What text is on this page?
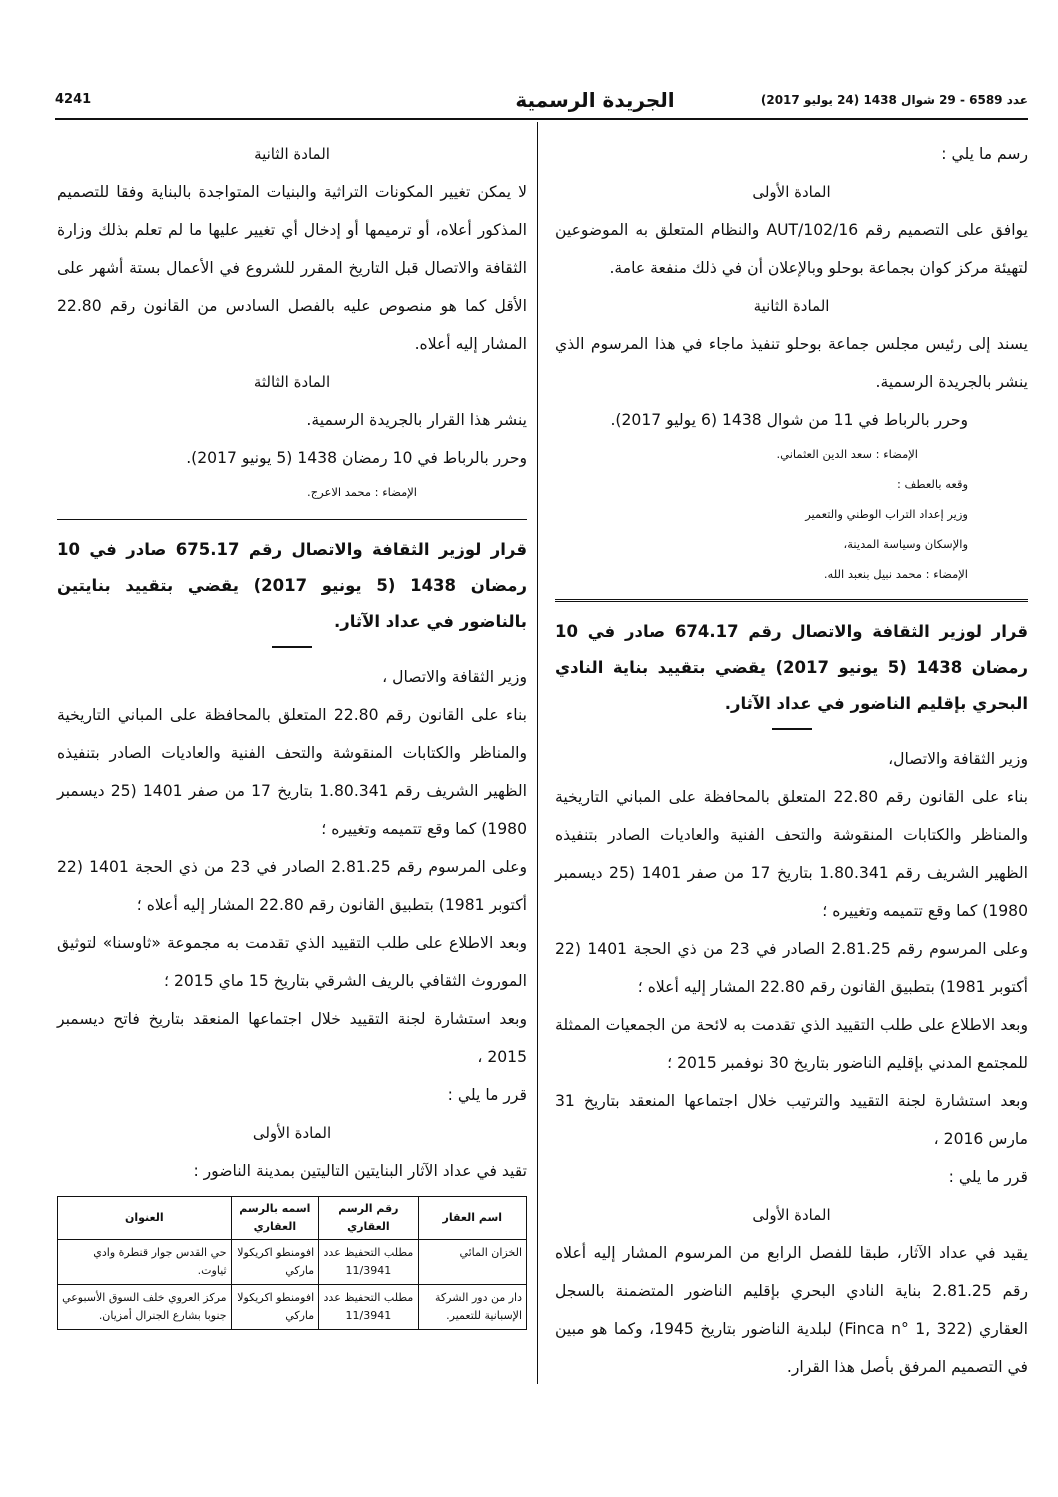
4241	الجريدة الرسمية	عدد 6589 - 29 شوال 1438 (24 يوليو 2017)

رسم ما يلي :

المادة الأولى

يوافق على التصميم رقم AUT/102/16 والنظام المتعلق به الموضوعين لتهيئة مركز كوان بجماعة بوحلو وبالإعلان أن في ذلك منفعة عامة.

المادة الثانية

يسند إلى رئيس مجلس جماعة بوحلو تنفيذ ماجاء في هذا المرسوم الذي ينشر بالجريدة الرسمية.

وحرر بالرباط في 11 من شوال 1438 (6 يوليو 2017).

الإمضاء : سعد الدين العثماني.

وقعه بالعطف :

وزير إعداد التراب الوطني والتعمير

والإسكان وسياسة المدينة،

الإمضاء : محمد نبيل بنعبد الله.

قرار لوزير الثقافة والاتصال رقم 674.17 صادر في 10 رمضان 1438 (5 يونيو 2017) يقضي بتقييد بناية النادي البحري بإقليم الناضور في عداد الآثار.

وزير الثقافة والاتصال،

بناء على القانون رقم 22.80 المتعلق بالمحافظة على المباني التاريخية والمناظر والكتابات المنقوشة والتحف الفنية والعاديات الصادر بتنفيذه الظهير الشريف رقم 1.80.341 بتاريخ 17 من صفر 1401 (25 ديسمبر 1980) كما وقع تتميمه وتغييره ؛

وعلى المرسوم رقم 2.81.25 الصادر في 23 من ذي الحجة 1401 (22 أكتوبر 1981) بتطبيق القانون رقم 22.80 المشار إليه أعلاه ؛

وبعد الاطلاع على طلب التقييد الذي تقدمت به لائحة من الجمعيات الممثلة للمجتمع المدني بإقليم الناضور بتاريخ 30 نوفمبر 2015 ؛

وبعد استشارة لجنة التقييد والترتيب خلال اجتماعها المنعقد بتاريخ 31 مارس 2016 ،

قرر ما يلي :

المادة الأولى

يقيد في عداد الآثار، طبقا للفصل الرابع من المرسوم المشار إليه أعلاه رقم 2.81.25 بناية النادي البحري بإقليم الناضور المتضمنة بالسجل العقاري (Finca n° 1, 322) لبلدية الناضور بتاريخ 1945، وكما هو مبين في التصميم المرفق بأصل هذا القرار.

المادة الثانية

لا يمكن تغيير المكونات التراثية والبنيات المتواجدة بالبناية وفقا للتصميم المذكور أعلاه، أو ترميمها أو إدخال أي تغيير عليها ما لم تعلم بذلك وزارة الثقافة والاتصال قبل التاريخ المقرر للشروع في الأعمال بستة أشهر على الأقل كما هو منصوص عليه بالفصل السادس من القانون رقم 22.80 المشار إليه أعلاه.

المادة الثالثة

ينشر هذا القرار بالجريدة الرسمية.

وحرر بالرباط في 10 رمضان 1438 (5 يونيو 2017).

الإمضاء : محمد الاعرج.

قرار لوزير الثقافة والاتصال رقم 675.17 صادر في 10 رمضان 1438 (5 يونيو 2017) يقضي بتقييد بنايتين بالناضور في عداد الآثار.

وزير الثقافة والاتصال ،

بناء على القانون رقم 22.80 المتعلق بالمحافظة على المباني التاريخية والمناظر والكتابات المنقوشة والتحف الفنية والعاديات الصادر بتنفيذه الظهير الشريف رقم 1.80.341 بتاريخ 17 من صفر 1401 (25 ديسمبر 1980) كما وقع تتميمه وتغييره ؛

وعلى المرسوم رقم 2.81.25 الصادر في 23 من ذي الحجة 1401 (22 أكتوبر 1981) بتطبيق القانون رقم 22.80 المشار إليه أعلاه ؛

وبعد الاطلاع على طلب التقييد الذي تقدمت به مجموعة «ثاوسنا» لتوثيق الموروث الثقافي بالريف الشرقي بتاريخ 15 ماي 2015 ؛

وبعد استشارة لجنة التقييد خلال اجتماعها المنعقد بتاريخ فاتح ديسمبر 2015 ،

قرر ما يلي :

المادة الأولى

تقيد في عداد الآثار البنايتين التاليتين بمدينة الناضور :

اسم العقار	رقم الرسم العقاري	اسمه بالرسم العقاري	العنوان
الخزان المائي	مطلب التحفيظ عدد 11/3941	افومنطو اكريكولا ماركي	حي القدس جوار قنطرة وادي ثياوت.
دار من دور الشركة الإسبانية للتعمير.	مطلب التحفيظ عدد 11/3941	افومنطو اكريكولا ماركي	مركز العروي خلف السوق الأسبوعي جنوبا بشارع الجنرال أمزيان.
